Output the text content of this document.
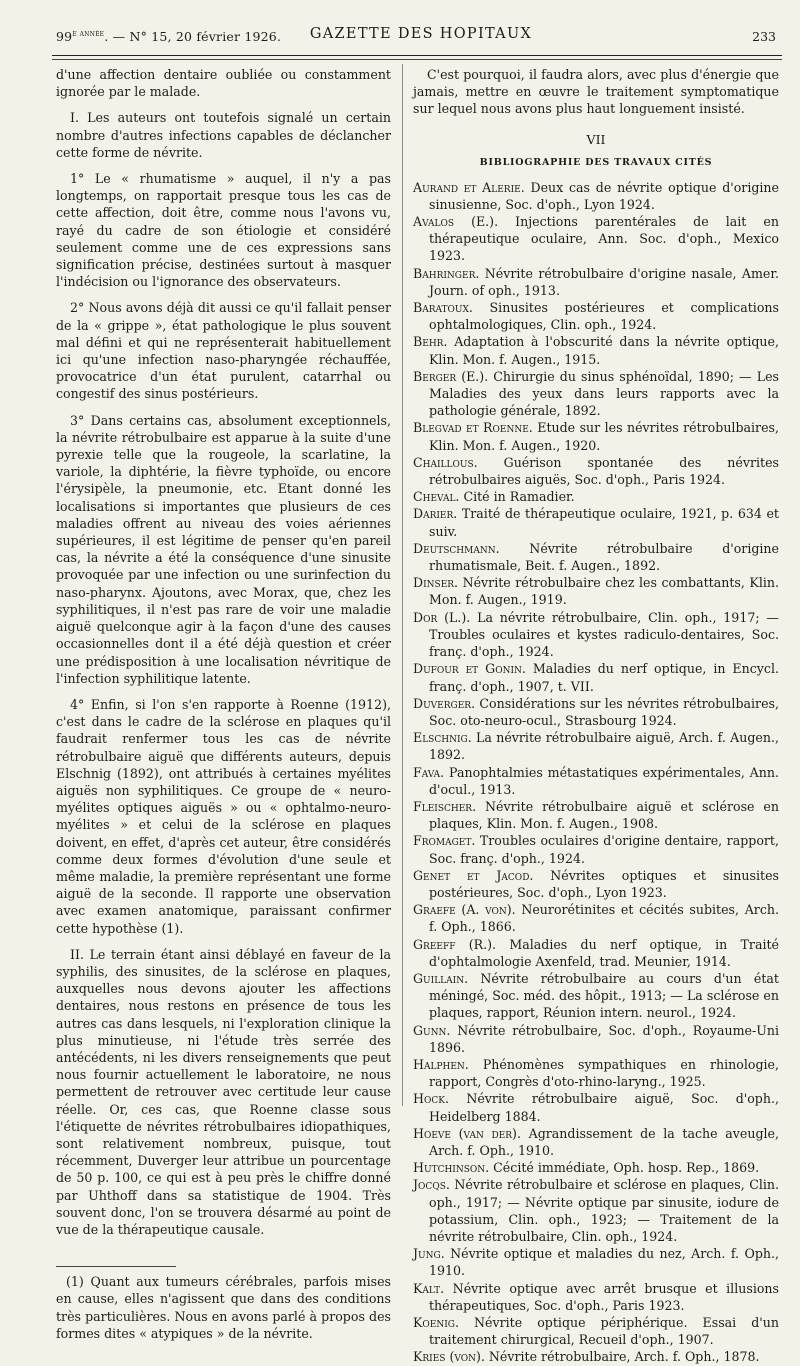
$99^{e année}$. — N° 15, 20 février 1926.	GAZETTE DES HOPITAUX	233

d'une affection dentaire oubliée ou constamment ignorée par le malade.

I. Les auteurs ont toutefois signalé un certain nombre d'autres infections capables de déclancher cette forme de névrite.

1° Le « rhumatisme » auquel, il n'y a pas longtemps, on rapportait presque tous les cas de cette affection, doit être, comme nous l'avons vu, rayé du cadre de son étiologie et considéré seulement comme une de ces expressions sans signification précise, destinées surtout à masquer l'indécision ou l'ignorance des observateurs.

2° Nous avons déjà dit aussi ce qu'il fallait penser de la « grippe », état pathologique le plus souvent mal défini et qui ne représenterait habituellement ici qu'une infection naso-pharyngée réchauffée, provocatrice d'un état purulent, catarrhal ou congestif des sinus postérieurs.

3° Dans certains cas, absolument exceptionnels, la névrite rétrobulbaire est apparue à la suite d'une pyrexie telle que la rougeole, la scarlatine, la variole, la diphtérie, la fièvre typhoïde, ou encore l'érysipèle, la pneumonie, etc. Etant donné les localisations si importantes que plusieurs de ces maladies offrent au niveau des voies aériennes supérieures, il est légitime de penser qu'en pareil cas, la névrite a été la conséquence d'une sinusite provoquée par une infection ou une surinfection du naso-pharynx. Ajoutons, avec Morax, que, chez les syphilitiques, il n'est pas rare de voir une maladie aiguë quelconque agir à la façon d'une des causes occasionnelles dont il a été déjà question et créer une prédisposition à une localisation névritique de l'infection syphilitique latente.

4° Enfin, si l'on s'en rapporte à Roenne (1912), c'est dans le cadre de la sclérose en plaques qu'il faudrait renfermer tous les cas de névrite rétrobulbaire aiguë que différents auteurs, depuis Elschnig (1892), ont attribués à certaines myélites aiguës non syphilitiques. Ce groupe de « neuro-myélites optiques aiguës » ou « ophtalmo-neuro-myélites » et celui de la sclérose en plaques doivent, en effet, d'après cet auteur, être considérés comme deux formes d'évolution d'une seule et même maladie, la première représentant une forme aiguë de la seconde. Il rapporte une observation avec examen anatomique, paraissant confirmer cette hypothèse (1).

II. Le terrain étant ainsi déblayé en faveur de la syphilis, des sinusites, de la sclérose en plaques, auxquelles nous devons ajouter les affections dentaires, nous restons en présence de tous les autres cas dans lesquels, ni l'exploration clinique la plus minutieuse, ni l'étude très serrée des antécédents, ni les divers renseignements que peut nous fournir actuellement le laboratoire, ne nous permettent de retrouver avec certitude leur cause réelle. Or, ces cas, que Roenne classe sous l'étiquette de névrites rétrobulbaires idiopathiques, sont relativement nombreux, puisque, tout récemment, Duverger leur attribue un pourcentage de 50 p. 100, ce qui est à peu près le chiffre donné par Uhthoff dans sa statistique de 1904. Très souvent donc, l'on se trouvera désarmé au point de vue de la thérapeutique causale.

(1) Quant aux tumeurs cérébrales, parfois mises en cause, elles n'agissent que dans des conditions très particulières. Nous en avons parlé à propos des formes dites « atypiques » de la névrite.

C'est pourquoi, il faudra alors, avec plus d'énergie que jamais, mettre en œuvre le traitement symptomatique sur lequel nous avons plus haut longuement insisté.

VII
BIBLIOGRAPHIE DES TRAVAUX CITÉS

Aurand et Alerie. Deux cas de névrite optique d'origine sinusienne, Soc. d'oph., Lyon 1924.

Avalos (E.). Injections parentérales de lait en thérapeutique oculaire, Ann. Soc. d'oph., Mexico 1923.

Bahringer. Névrite rétrobulbaire d'origine nasale, Amer. Journ. of oph., 1913.

Baratoux. Sinusites postérieures et complications ophtalmologiques, Clin. oph., 1924.

Behr. Adaptation à l'obscurité dans la névrite optique, Klin. Mon. f. Augen., 1915.

Berger (E.). Chirurgie du sinus sphénoïdal, 1890; — Les Maladies des yeux dans leurs rapports avec la pathologie générale, 1892.

Blegvad et Roenne. Etude sur les névrites rétrobulbaires, Klin. Mon. f. Augen., 1920.

Chaillous. Guérison spontanée des névrites rétrobulbaires aiguës, Soc. d'oph., Paris 1924.

Cheval. Cité in Ramadier.

Darier. Traité de thérapeutique oculaire, 1921, p. 634 et suiv.

Deutschmann. Névrite rétrobulbaire d'origine rhumatismale, Beit. f. Augen., 1892.

Dinser. Névrite rétrobulbaire chez les combattants, Klin. Mon. f. Augen., 1919.

Dor (L.). La névrite rétrobulbaire, Clin. oph., 1917; — Troubles oculaires et kystes radiculo-dentaires, Soc. franç. d'oph., 1924.

Dufour et Gonin. Maladies du nerf optique, in Encycl. franç. d'oph., 1907, t. VII.

Duverger. Considérations sur les névrites rétrobulbaires, Soc. oto-neuro-ocul., Strasbourg 1924.

Elschnig. La névrite rétrobulbaire aiguë, Arch. f. Augen., 1892.

Fava. Panophtalmies métastatiques expérimentales, Ann. d'ocul., 1913.

Fleischer. Névrite rétrobulbaire aiguë et sclérose en plaques, Klin. Mon. f. Augen., 1908.

Fromaget. Troubles oculaires d'origine dentaire, rapport, Soc. franç. d'oph., 1924.

Genet et Jacod. Névrites optiques et sinusites postérieures, Soc. d'oph., Lyon 1923.

Graefe (A. von). Neurorétinites et cécités subites, Arch. f. Oph., 1866.

Greeff (R.). Maladies du nerf optique, in Traité d'ophtalmologie Axenfeld, trad. Meunier, 1914.

Guillain. Névrite rétrobulbaire au cours d'un état méningé, Soc. méd. des hôpit., 1913; — La sclérose en plaques, rapport, Réunion intern. neurol., 1924.

Gunn. Névrite rétrobulbaire, Soc. d'oph., Royaume-Uni 1896.

Halphen. Phénomènes sympathiques en rhinologie, rapport, Congrès d'oto-rhino-laryng., 1925.

Hock. Névrite rétrobulbaire aiguë, Soc. d'oph., Heidelberg 1884.

Hoeve (van der). Agrandissement de la tache aveugle, Arch. f. Oph., 1910.

Hutchinson. Cécité immédiate, Oph. hosp. Rep., 1869.

Jocqs. Névrite rétrobulbaire et sclérose en plaques, Clin. oph., 1917; — Névrite optique par sinusite, iodure de potassium, Clin. oph., 1923; — Traitement de la névrite rétrobulbaire, Clin. oph., 1924.

Jung. Névrite optique et maladies du nez, Arch. f. Oph., 1910.

Kalt. Névrite optique avec arrêt brusque et illusions thérapeutiques, Soc. d'oph., Paris 1923.

Koenig. Névrite optique périphérique. Essai d'un traitement chirurgical, Recueil d'oph., 1907.

Kries (von). Névrite rétrobulbaire, Arch. f. Oph., 1878.
